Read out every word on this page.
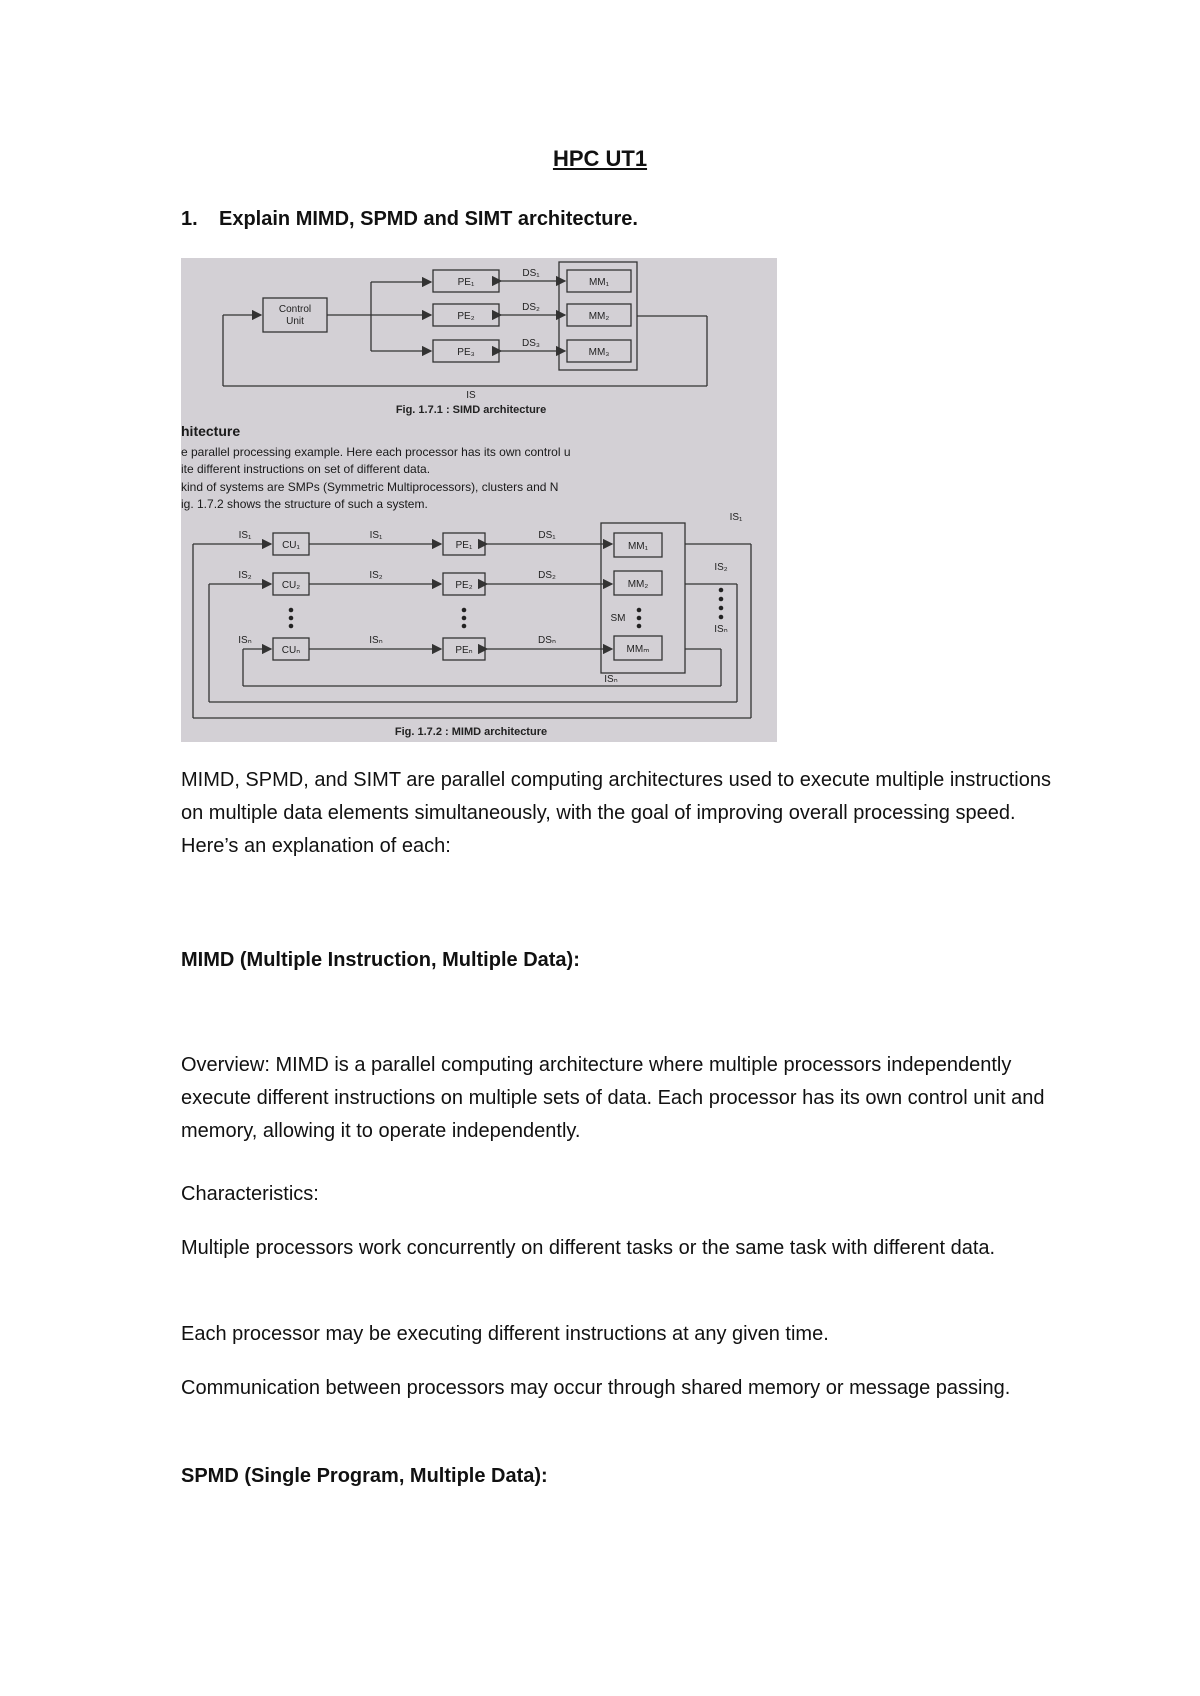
HPC UT1
1. Explain MIMD, SPMD and SIMT architecture.
Control
Unit
PE₁
PE₂
PE₃
DS₁
DS₂
DS₃
MM₁
MM₂
MM₃
IS
Fig. 1.7.1 : SIMD architecture
hitecture
e parallel processing example. Here each processor has its own control u
ite different instructions on set of different data.
kind of systems are SMPs (Symmetric Multiprocessors), clusters and N
ig. 1.7.2 shows the structure of such a system.
IS₁
IS₂
ISₙ
CU₁
CU₂
CUₙ
IS₁
IS₂
ISₙ
PE₁
PE₂
PEₙ
DS₁
DS₂
DSₙ
MM₁
MM₂
MMₘ
SM
IS₁
IS₂
ISₙ
ISₙ
Fig. 1.7.2 : MIMD architecture

MIMD, SPMD, and SIMT are parallel computing architectures used to execute multiple instructions on multiple data elements simultaneously, with the goal of improving overall processing speed. Here’s an explanation of each:

MIMD (Multiple Instruction, Multiple Data):

Overview: MIMD is a parallel computing architecture where multiple processors independently execute different instructions on multiple sets of data. Each processor has its own control unit and memory, allowing it to operate independently.

Characteristics:

Multiple processors work concurrently on different tasks or the same task with different data.

Each processor may be executing different instructions at any given time.

Communication between processors may occur through shared memory or message passing.

SPMD (Single Program, Multiple Data):
